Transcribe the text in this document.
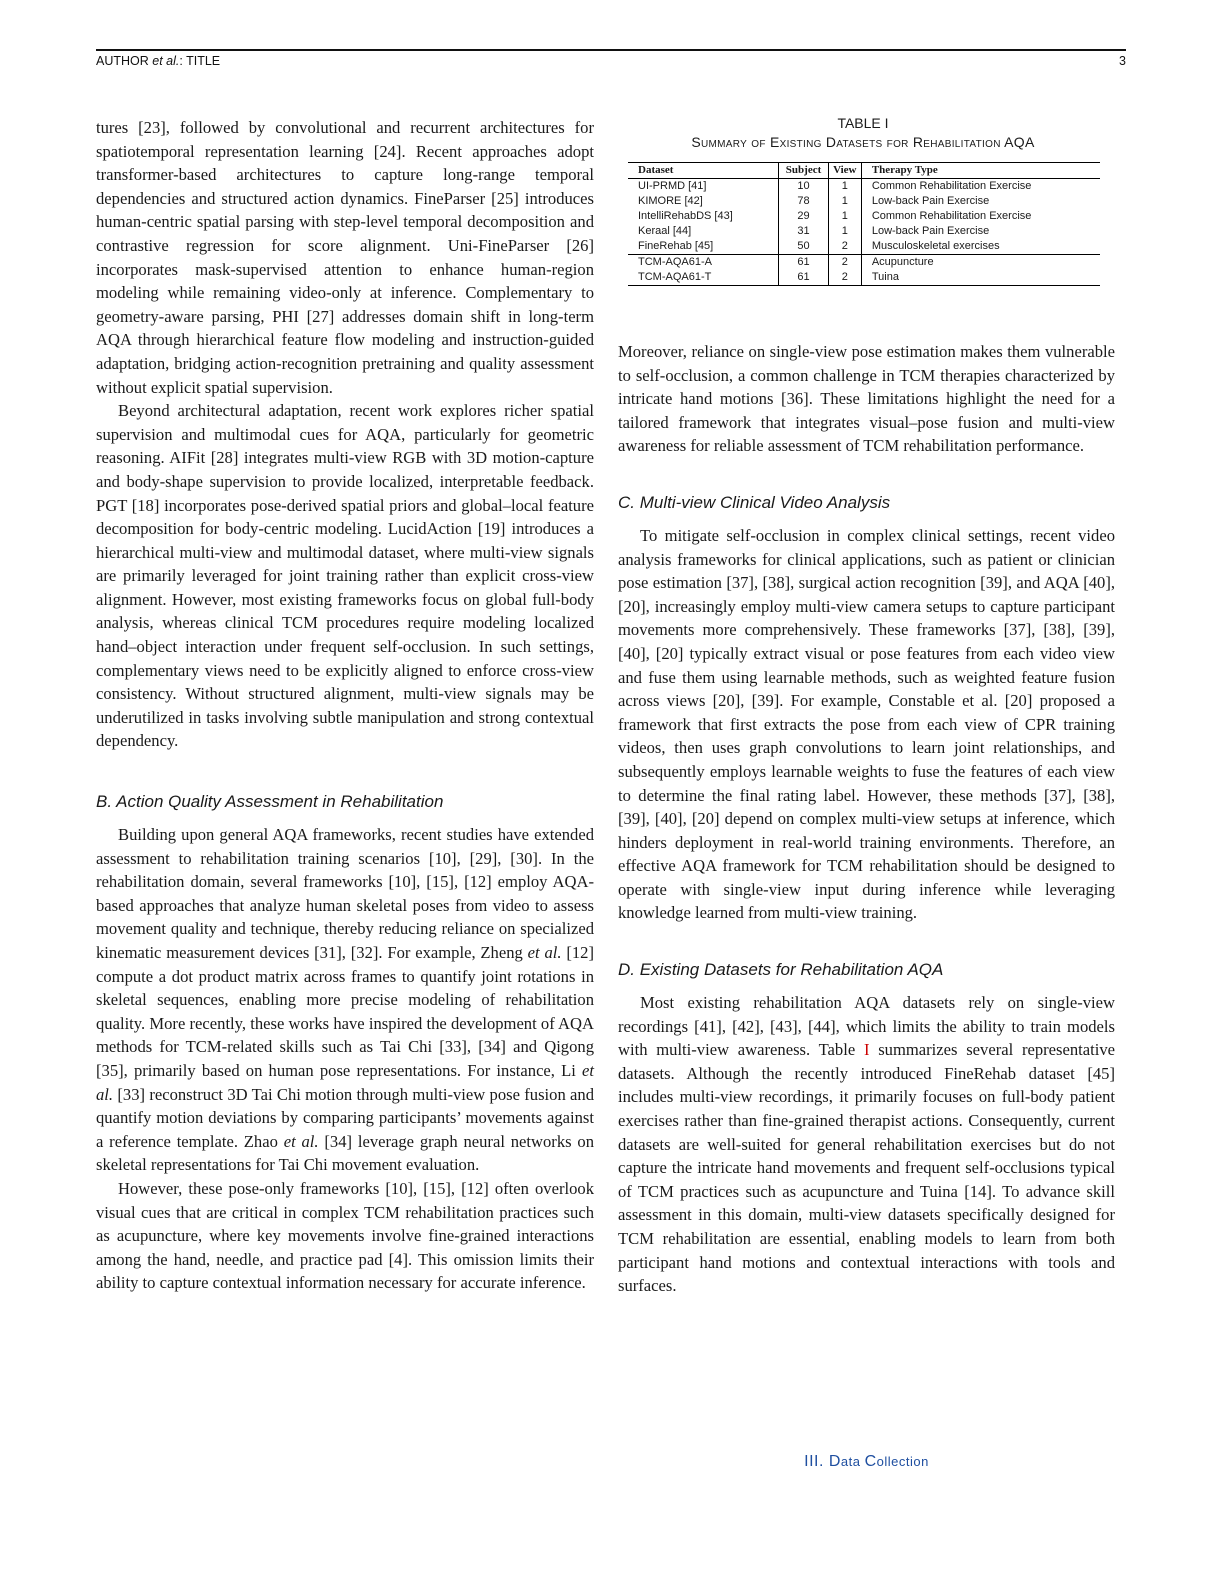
AUTHOR et al.: TITLE	3

tures [23], followed by convolutional and recurrent architectures for spatiotemporal representation learning [24]. Recent approaches adopt transformer-based architectures to capture long-range temporal dependencies and structured action dynamics. FineParser [25] introduces human-centric spatial parsing with step-level temporal decomposition and contrastive regression for score alignment. Uni-FineParser [26] incorporates mask-supervised attention to enhance human-region modeling while remaining video-only at inference. Complementary to geometry-aware parsing, PHI [27] addresses domain shift in long-term AQA through hierarchical feature flow modeling and instruction-guided adaptation, bridging action-recognition pretraining and quality assessment without explicit spatial supervision.

Beyond architectural adaptation, recent work explores richer spatial supervision and multimodal cues for AQA, particularly for geometric reasoning. AIFit [28] integrates multi-view RGB with 3D motion-capture and body-shape supervision to provide localized, interpretable feedback. PGT [18] incorporates pose-derived spatial priors and global–local feature decomposition for body-centric modeling. LucidAction [19] introduces a hierarchical multi-view and multimodal dataset, where multi-view signals are primarily leveraged for joint training rather than explicit cross-view alignment. However, most existing frameworks focus on global full-body analysis, whereas clinical TCM procedures require modeling localized hand–object interaction under frequent self-occlusion. In such settings, complementary views need to be explicitly aligned to enforce cross-view consistency. Without structured alignment, multi-view signals may be underutilized in tasks involving subtle manipulation and strong contextual dependency.

B. Action Quality Assessment in Rehabilitation

Building upon general AQA frameworks, recent studies have extended assessment to rehabilitation training scenarios [10], [29], [30]. In the rehabilitation domain, several frameworks [10], [15], [12] employ AQA-based approaches that analyze human skeletal poses from video to assess movement quality and technique, thereby reducing reliance on specialized kinematic measurement devices [31], [32]. For example, Zheng et al. [12] compute a dot product matrix across frames to quantify joint rotations in skeletal sequences, enabling more precise modeling of rehabilitation quality. More recently, these works have inspired the development of AQA methods for TCM-related skills such as Tai Chi [33], [34] and Qigong [35], primarily based on human pose representations. For instance, Li et al. [33] reconstruct 3D Tai Chi motion through multi-view pose fusion and quantify motion deviations by comparing participants’ movements against a reference template. Zhao et al. [34] leverage graph neural networks on skeletal representations for Tai Chi movement evaluation.

However, these pose-only frameworks [10], [15], [12] often overlook visual cues that are critical in complex TCM rehabilitation practices such as acupuncture, where key movements involve fine-grained interactions among the hand, needle, and practice pad [4]. This omission limits their ability to capture contextual information necessary for accurate inference.

TABLE I
Summary of Existing Datasets for Rehabilitation AQA
Dataset	Subject	View	Therapy Type
UI-PRMD [41]	10	1	Common Rehabilitation Exercise
KIMORE [42]	78	1	Low-back Pain Exercise
IntelliRehabDS [43]	29	1	Common Rehabilitation Exercise
Keraal [44]	31	1	Low-back Pain Exercise
FineRehab [45]	50	2	Musculoskeletal exercises
TCM-AQA61-A	61	2	Acupuncture
TCM-AQA61-T	61	2	Tuina

Moreover, reliance on single-view pose estimation makes them vulnerable to self-occlusion, a common challenge in TCM therapies characterized by intricate hand motions [36]. These limitations highlight the need for a tailored framework that integrates visual–pose fusion and multi-view awareness for reliable assessment of TCM rehabilitation performance.

C. Multi-view Clinical Video Analysis

To mitigate self-occlusion in complex clinical settings, recent video analysis frameworks for clinical applications, such as patient or clinician pose estimation [37], [38], surgical action recognition [39], and AQA [40], [20], increasingly employ multi-view camera setups to capture participant movements more comprehensively. These frameworks [37], [38], [39], [40], [20] typically extract visual or pose features from each video view and fuse them using learnable methods, such as weighted feature fusion across views [20], [39]. For example, Constable et al. [20] proposed a framework that first extracts the pose from each view of CPR training videos, then uses graph convolutions to learn joint relationships, and subsequently employs learnable weights to fuse the features of each view to determine the final rating label. However, these methods [37], [38], [39], [40], [20] depend on complex multi-view setups at inference, which hinders deployment in real-world training environments. Therefore, an effective AQA framework for TCM rehabilitation should be designed to operate with single-view input during inference while leveraging knowledge learned from multi-view training.

D. Existing Datasets for Rehabilitation AQA

Most existing rehabilitation AQA datasets rely on single-view recordings [41], [42], [43], [44], which limits the ability to train models with multi-view awareness. Table I summarizes several representative datasets. Although the recently introduced FineRehab dataset [45] includes multi-view recordings, it primarily focuses on full-body patient exercises rather than fine-grained therapist actions. Consequently, current datasets are well-suited for general rehabilitation exercises but do not capture the intricate hand movements and frequent self-occlusions typical of TCM practices such as acupuncture and Tuina [14]. To advance skill assessment in this domain, multi-view datasets specifically designed for TCM rehabilitation are essential, enabling models to learn from both participant hand motions and contextual interactions with tools and surfaces.

III. Data Collection
